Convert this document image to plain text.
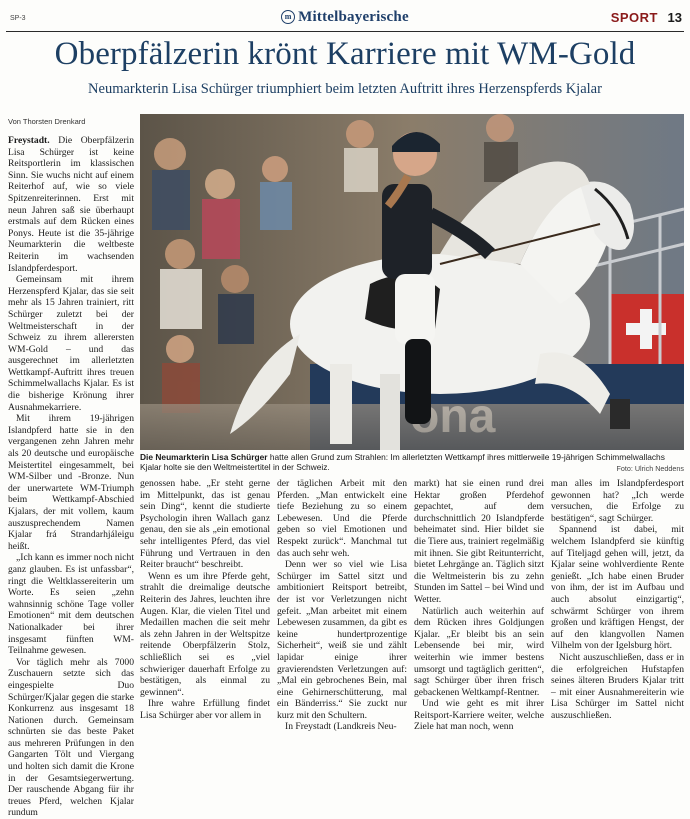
SP-3	m Mittelbayerische	SPORT 13
Oberpfälzerin krönt Karriere mit WM-Gold
Neumarkterin Lisa Schürger triumphiert beim letzten Auftritt ihres Herzenspferds Kjalar
Von Thorsten Drenkard

Freystadt. Die Oberpfälzerin Lisa Schürger ist keine Reitsportlerin im klassischen Sinn. Sie wuchs nicht auf einem Reiterhof auf, wie so viele Spitzenreiterinnen. Erst mit neun Jahren saß sie überhaupt erstmals auf dem Rücken eines Ponys. Heute ist die 35-jährige Neumarkterin die weltbeste Reiterin im wachsenden Islandpferdesport.

Gemeinsam mit ihrem Herzenspferd Kjalar, das sie seit mehr als 15 Jahren trainiert, ritt Schürger zuletzt bei der Weltmeisterschaft in der Schweiz zu ihrem allerersten WM-Gold – und das ausgerechnet im allerletzten Wettkampf-Auftritt ihres treuen Schimmelwallachs Kjalar. Es ist die bisherige Krönung ihrer Ausnahmekarriere.

Mit ihrem 19-jährigen Islandpferd hatte sie in den vergangenen zehn Jahren mehr als 20 deutsche und europäische Meistertitel eingesammelt, bei WM-Silber und -Bronze. Nun der unerwartete WM-Triumph beim Wettkampf-Abschied Kjalars, der mit vollem, kaum auszusprechendem Namen Kjalar frá Strandarhjáleigu heißt.

„Ich kann es immer noch nicht ganz glauben. Es ist unfassbar“, ringt die Weltklassereiterin um Worte. Es seien „zehn wahnsinnig schöne Tage voller Emotionen“ mit dem deutschen Nationalkader bei ihrer insgesamt fünften WM-Teilnahme gewesen.

Vor täglich mehr als 7000 Zuschauern setzte sich das eingespielte Duo Schürger/Kjalar gegen die starke Konkurrenz aus insgesamt 18 Nationen durch. Gemeinsam schnürten sie das beste Paket aus mehreren Prüfungen in den Gangarten Tölt und Viergang und holten sich damit die Krone in der Gesamtsiegerwertung. Der rauschende Abgang für ihr treues Pferd, welchen Kjalar rundum

Die Neumarkterin Lisa Schürger hatte allen Grund zum Strahlen: Im allerletzten Wettkampf ihres mittlerweile 19-jährigen Schimmelwallachs Kjalar holte sie den Weltmeistertitel in der Schweiz.	Foto: Ulrich Neddens

genossen habe. „Er steht gerne im Mittelpunkt, das ist genau sein Ding“, kennt die studierte Psychologin ihren Wallach ganz genau, den sie als „ein emotional sehr intelligentes Pferd, das viel Führung und Vertrauen in den Reiter braucht“ beschreibt.

Wenn es um ihre Pferde geht, strahlt die dreimalige deutsche Reiterin des Jahres, leuchten ihre Augen. Klar, die vielen Titel und Medaillen machen die seit mehr als zehn Jahren in der Weltspitze reitende Oberpfälzerin Stolz, schließlich sei es „viel schwieriger dauerhaft Erfolge zu bestätigen, als einmal zu gewinnen“.

Ihre wahre Erfüllung findet Lisa Schürger aber vor allem in

der täglichen Arbeit mit den Pferden. „Man entwickelt eine tiefe Beziehung zu so einem Lebewesen. Und die Pferde geben so viel Emotionen und Respekt zurück“. Manchmal tut das auch sehr weh.

Denn wer so viel wie Lisa Schürger im Sattel sitzt und ambitioniert Reitsport betreibt, der ist vor Verletzungen nicht gefeit. „Man arbeitet mit einem Lebewesen zusammen, da gibt es keine hundertprozentige Sicherheit“, weiß sie und zählt lapidar einige ihrer gravierendsten Verletzungen auf: „Mal ein gebrochenes Bein, mal eine Gehirnerschütterung, mal ein Bänderriss.“ Sie zuckt nur kurz mit den Schultern.

In Freystadt (Landkreis Neu-

markt) hat sie einen rund drei Hektar großen Pferdehof gepachtet, auf dem durchschnittlich 20 Islandpferde beheimatet sind. Hier bildet sie die Tiere aus, trainiert regelmäßig mit ihnen. Sie gibt Reitunterricht, bietet Lehrgänge an. Täglich sitzt die Weltmeisterin bis zu zehn Stunden im Sattel – bei Wind und Wetter.

Natürlich auch weiterhin auf dem Rücken ihres Goldjungen Kjalar. „Er bleibt bis an sein Lebensende bei mir, wird weiterhin wie immer bestens umsorgt und tagtäglich geritten“, sagt Schürger über ihren frisch gebackenen Weltkampf-Rentner.

Und wie geht es mit ihrer Reitsport-Karriere weiter, welche Ziele hat man noch, wenn

man alles im Islandpferdesport gewonnen hat? „Ich werde versuchen, die Erfolge zu bestätigen“, sagt Schürger.

Spannend ist dabei, mit welchem Islandpferd sie künftig auf Titeljagd gehen will, jetzt, da Kjalar seine wohlverdiente Rente genießt. „Ich habe einen Bruder von ihm, der ist im Aufbau und auch absolut einzigartig“, schwärmt Schürger von ihrem großen und kräftigen Hengst, der auf den klangvollen Namen Vilhelm von der Igelsburg hört.

Nicht auszuschließen, dass er in die erfolgreichen Hufstapfen seines älteren Bruders Kjalar tritt – mit einer Ausnahmereiterin wie Lisa Schürger im Sattel nicht auszuschließen.
